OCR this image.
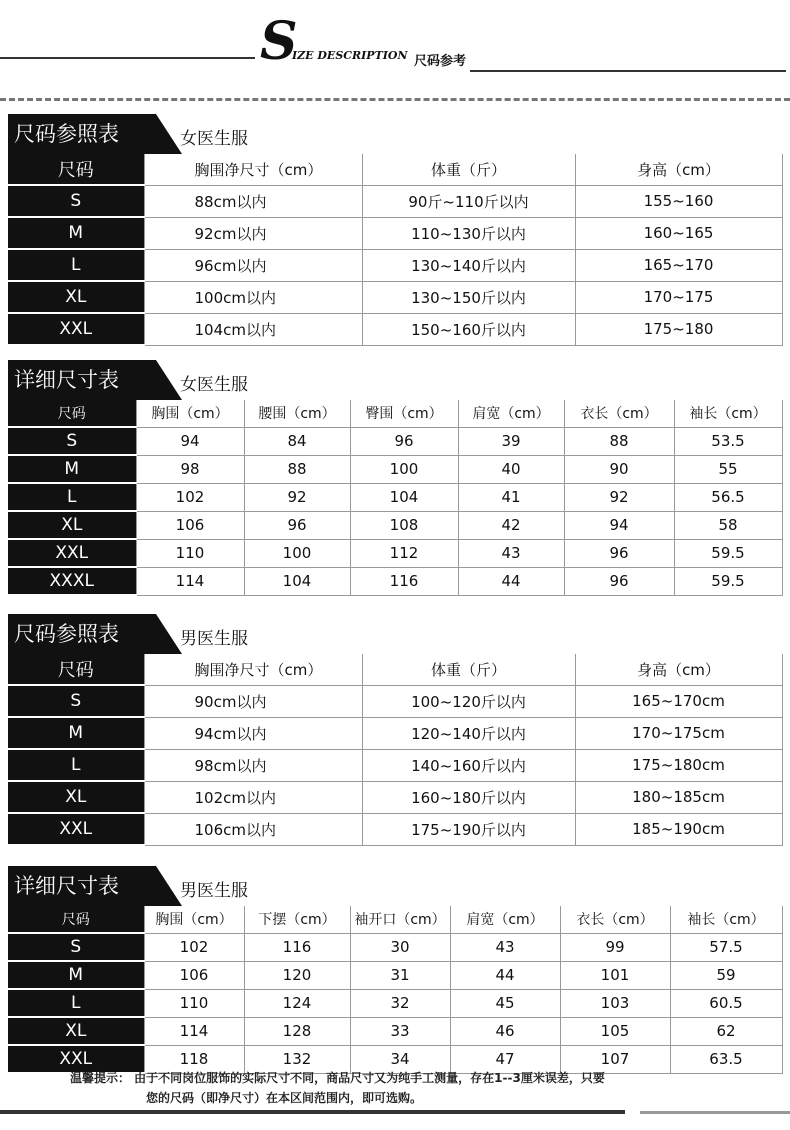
S
IZE DESCRIPTION 尺码参考
尺码参照表	女医生服
尺码	胸围净尺寸（cm）	体重（斤）	身高（cm）
S	88cm以内	90斤~110斤以内	155~160
M	92cm以内	110~130斤以内	160~165
L	96cm以内	130~140斤以内	165~170
XL	100cm以内	130~150斤以内	170~175
XXL	104cm以内	150~160斤以内	175~180
详细尺寸表	女医生服
尺码	胸围（cm）	腰围（cm）	臀围（cm）	肩宽（cm）	衣长（cm）	袖长（cm）
S	94	84	96	39	88	53.5
M	98	88	100	40	90	55
L	102	92	104	41	92	56.5
XL	106	96	108	42	94	58
XXL	110	100	112	43	96	59.5
XXXL	114	104	116	44	96	59.5
尺码参照表	男医生服
尺码	胸围净尺寸（cm）	体重（斤）	身高（cm）
S	90cm以内	100~120斤以内	165~170cm
M	94cm以内	120~140斤以内	170~175cm
L	98cm以内	140~160斤以内	175~180cm
XL	102cm以内	160~180斤以内	180~185cm
XXL	106cm以内	175~190斤以内	185~190cm
详细尺寸表	男医生服
尺码	胸围（cm）	下摆（cm）	袖开口（cm）	肩宽（cm）	衣长（cm）	袖长（cm）
S	102	116	30	43	99	57.5
M	106	120	31	44	101	59
L	110	124	32	45	103	60.5
XL	114	128	33	46	105	62
XXL	118	132	34	47	107	63.5
温馨提示： 由于不同岗位服饰的实际尺寸不同，商品尺寸又为纯手工测量，存在1--3厘米误差，只要
您的尺码（即净尺寸）在本区间范围内，即可选购。
